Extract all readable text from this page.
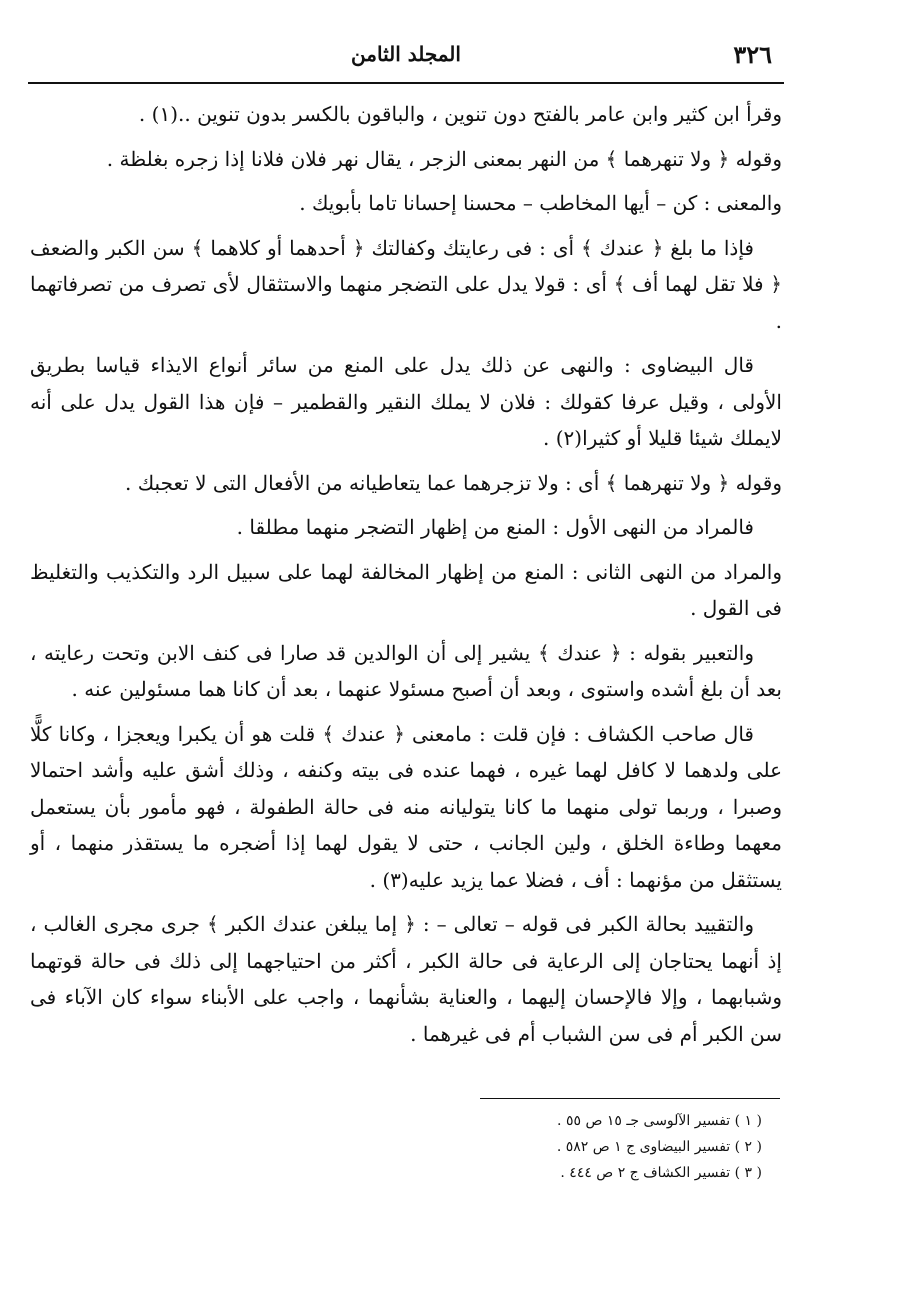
٣٢٦
المجلد الثامن

وقرأ ابن كثير وابن عامر بالفتح دون تنوين ، والباقون بالكسر بدون تنوين ..(١) .

وقوله ﴿ ولا تنهرهما ﴾ من النهر بمعنى الزجر ، يقال نهر فلان فلانا إذا زجره بغلظة .

والمعنى : كن – أيها المخاطب – محسنا إحسانا تاما بأبويك .

فإذا ما بلغ ﴿ عندك ﴾ أى : فى رعايتك وكفالتك ﴿ أحدهما أو كلاهما ﴾ سن الكبر والضعف ﴿ فلا تقل لهما أف ﴾ أى : قولا يدل على التضجر منهما والاستثقال لأى تصرف من تصرفاتهما .

قال البيضاوى : والنهى عن ذلك يدل على المنع من سائر أنواع الايذاء قياسا بطريق الأولى ، وقيل عرفا كقولك : فلان لا يملك النقير والقطمير – فإن هذا القول يدل على أنه لايملك شيئا قليلا أو كثيرا(٢) .

وقوله ﴿ ولا تنهرهما ﴾ أى : ولا تزجرهما عما يتعاطيانه من الأفعال التى لا تعجبك .

فالمراد من النهى الأول : المنع من إظهار التضجر منهما مطلقا .

والمراد من النهى الثانى : المنع من إظهار المخالفة لهما على سبيل الرد والتكذيب والتغليظ فى القول .

والتعبير بقوله : ﴿ عندك ﴾ يشير إلى أن الوالدين قد صارا فى كنف الابن وتحت رعايته ، بعد أن بلغ أشده واستوى ، وبعد أن أصبح مسئولا عنهما ، بعد أن كانا هما مسئولين عنه .

قال صاحب الكشاف : فإن قلت : مامعنى ﴿ عندك ﴾ قلت هو أن يكبرا ويعجزا ، وكانا كلًّا على ولدهما لا كافل لهما غيره ، فهما عنده فى بيته وكنفه ، وذلك أشق عليه وأشد احتمالا وصبرا ، وربما تولى منهما ما كانا يتوليانه منه فى حالة الطفولة ، فهو مأمور بأن يستعمل معهما وطاءة الخلق ، ولين الجانب ، حتى لا يقول لهما إذا أضجره ما يستقذر منهما ، أو يستثقل من مؤنهما : أف ، فضلا عما يزيد عليه(٣) .

والتقييد بحالة الكبر فى قوله – تعالى – : ﴿ إما يبلغن عندك الكبر ﴾ جرى مجرى الغالب ، إذ أنهما يحتاجان إلى الرعاية فى حالة الكبر ، أكثر من احتياجهما إلى ذلك فى حالة قوتهما وشبابهما ، وإلا فالإحسان إليهما ، والعناية بشأنهما ، واجب على الأبناء سواء كان الآباء فى سن الكبر أم فى سن الشباب أم فى غيرهما .

( ١ ) تفسير الآلوسى جـ ١٥ ص ٥٥ .
( ٢ ) تفسير البيضاوى ج ١ ص ٥٨٢ .
( ٣ ) تفسير الكشاف ج ٢ ص ٤٤٤ .
